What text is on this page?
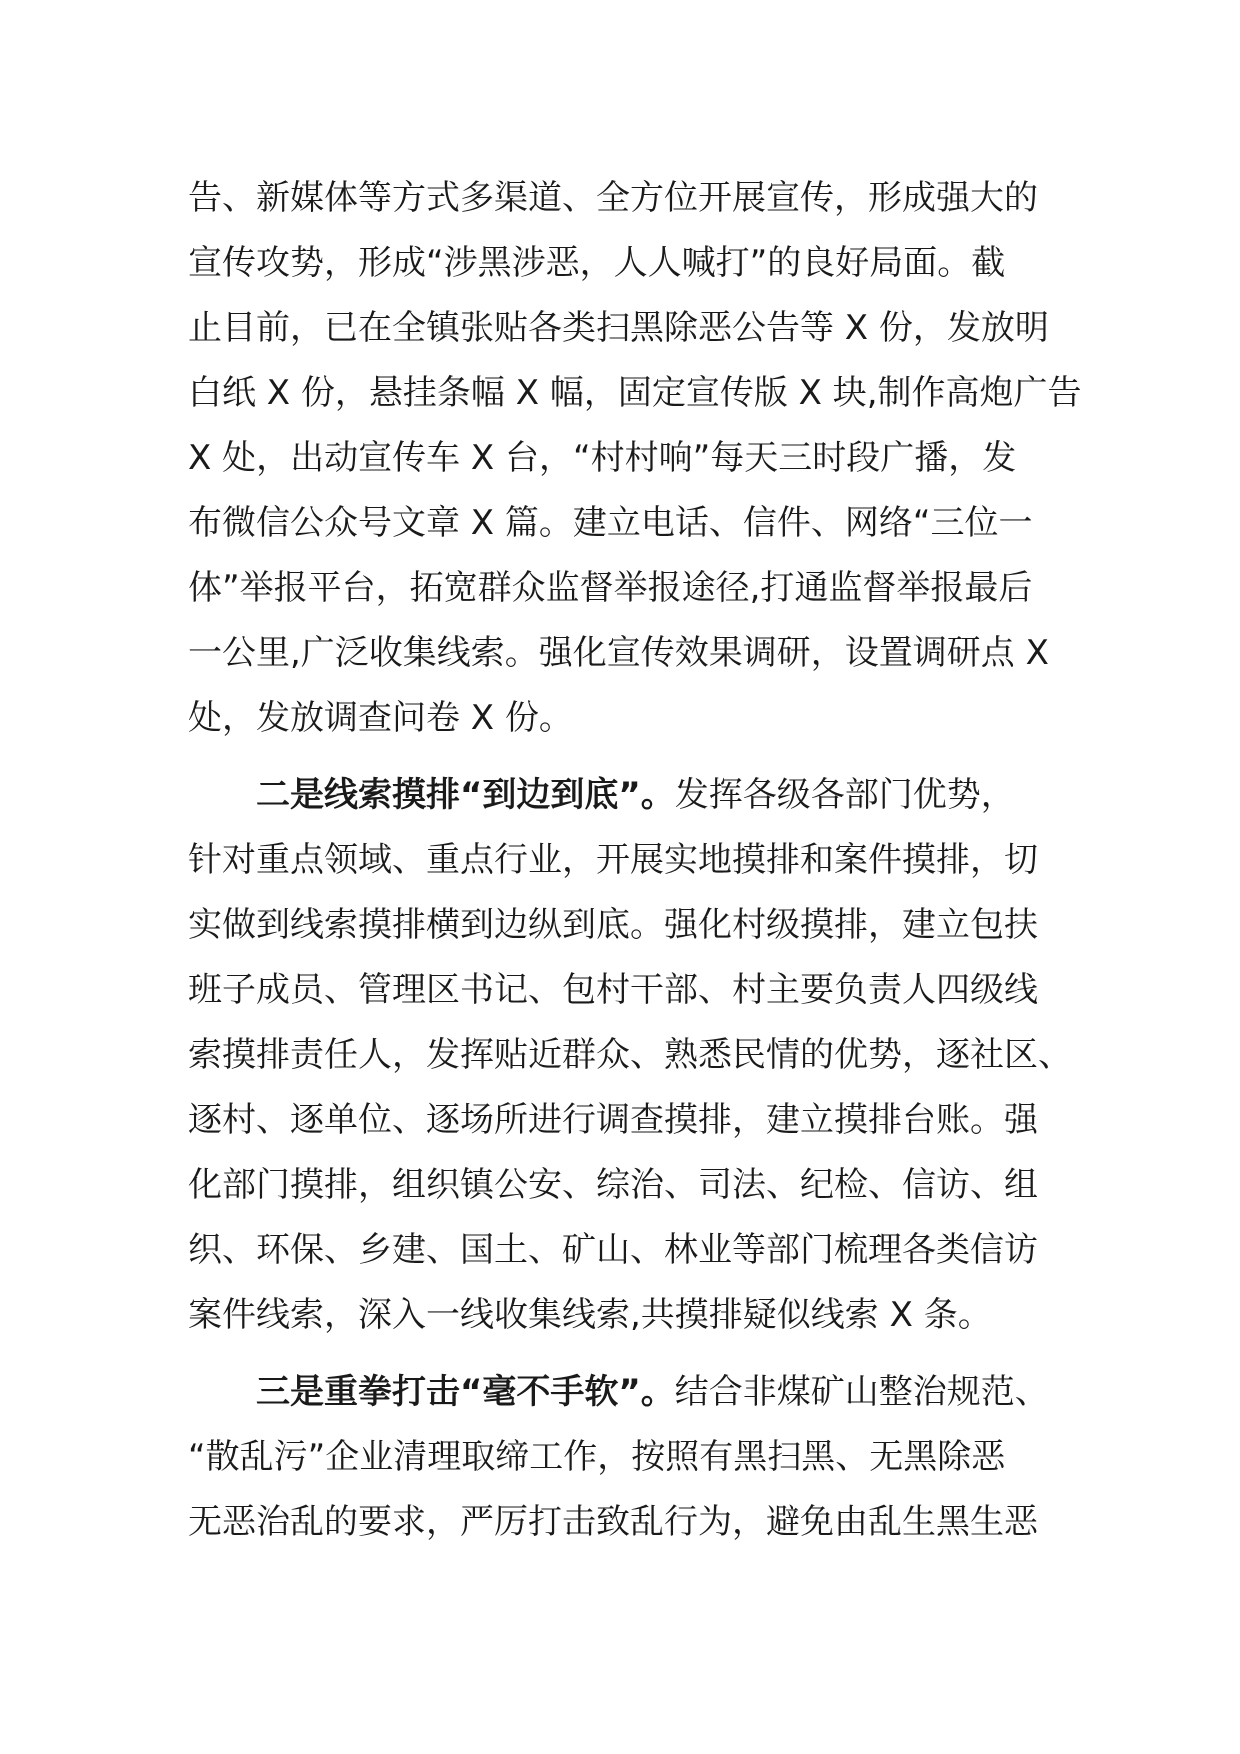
告、新媒体等方式多渠道、全方位开展宣传，形成强大的
宣传攻势，形成“涉黑涉恶，人人喊打”的良好局面。截
止目前，已在全镇张贴各类扫黑除恶公告等 X 份，发放明
白纸 X 份，悬挂条幅 X 幅，固定宣传版 X 块,制作高炮广告
X 处，出动宣传车 X 台，“村村响”每天三时段广播，发
布微信公众号文章 X 篇。建立电话、信件、网络“三位一
体”举报平台，拓宽群众监督举报途径,打通监督举报最后
一公里,广泛收集线索。强化宣传效果调研，设置调研点 X
处，发放调查问卷 X 份。
二是线索摸排“到边到底”。发挥各级各部门优势，
针对重点领域、重点行业，开展实地摸排和案件摸排，切
实做到线索摸排横到边纵到底。强化村级摸排，建立包扶
班子成员、管理区书记、包村干部、村主要负责人四级线
索摸排责任人，发挥贴近群众、熟悉民情的优势，逐社区、
逐村、逐单位、逐场所进行调查摸排，建立摸排台账。强
化部门摸排，组织镇公安、综治、司法、纪检、信访、组
织、环保、乡建、国土、矿山、林业等部门梳理各类信访
案件线索，深入一线收集线索,共摸排疑似线索 X 条。
三是重拳打击“毫不手软”。结合非煤矿山整治规范、
“散乱污”企业清理取缔工作，按照有黑扫黑、无黑除恶
无恶治乱的要求，严厉打击致乱行为，避免由乱生黑生恶
